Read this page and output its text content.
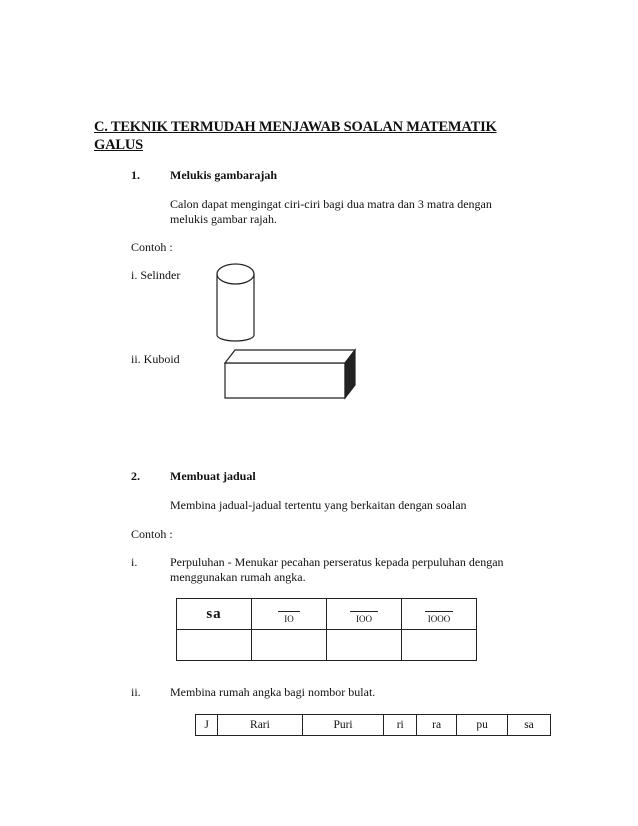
C. TEKNIK TERMUDAH MENJAWAB SOALAN MATEMATIK
GALUS
1.	Melukis gambarajah
Calon dapat mengingat ciri-ciri bagi dua matra dan 3 matra dengan
melukis gambar rajah.
Contoh :
i. Selinder
ii. Kuboid
2.	Membuat jadual
Membina jadual-jadual tertentu yang berkaitan dengan soalan
Contoh :
i.	Perpuluhan - Menukar pecahan perseratus kepada perpuluhan dengan
menggunakan rumah angka.
sa	IO	IOO	IOOO

ii. Membina rumah angka bagi nombor bulat.
J	Rari	Puri	ri	ra	pu	sa
